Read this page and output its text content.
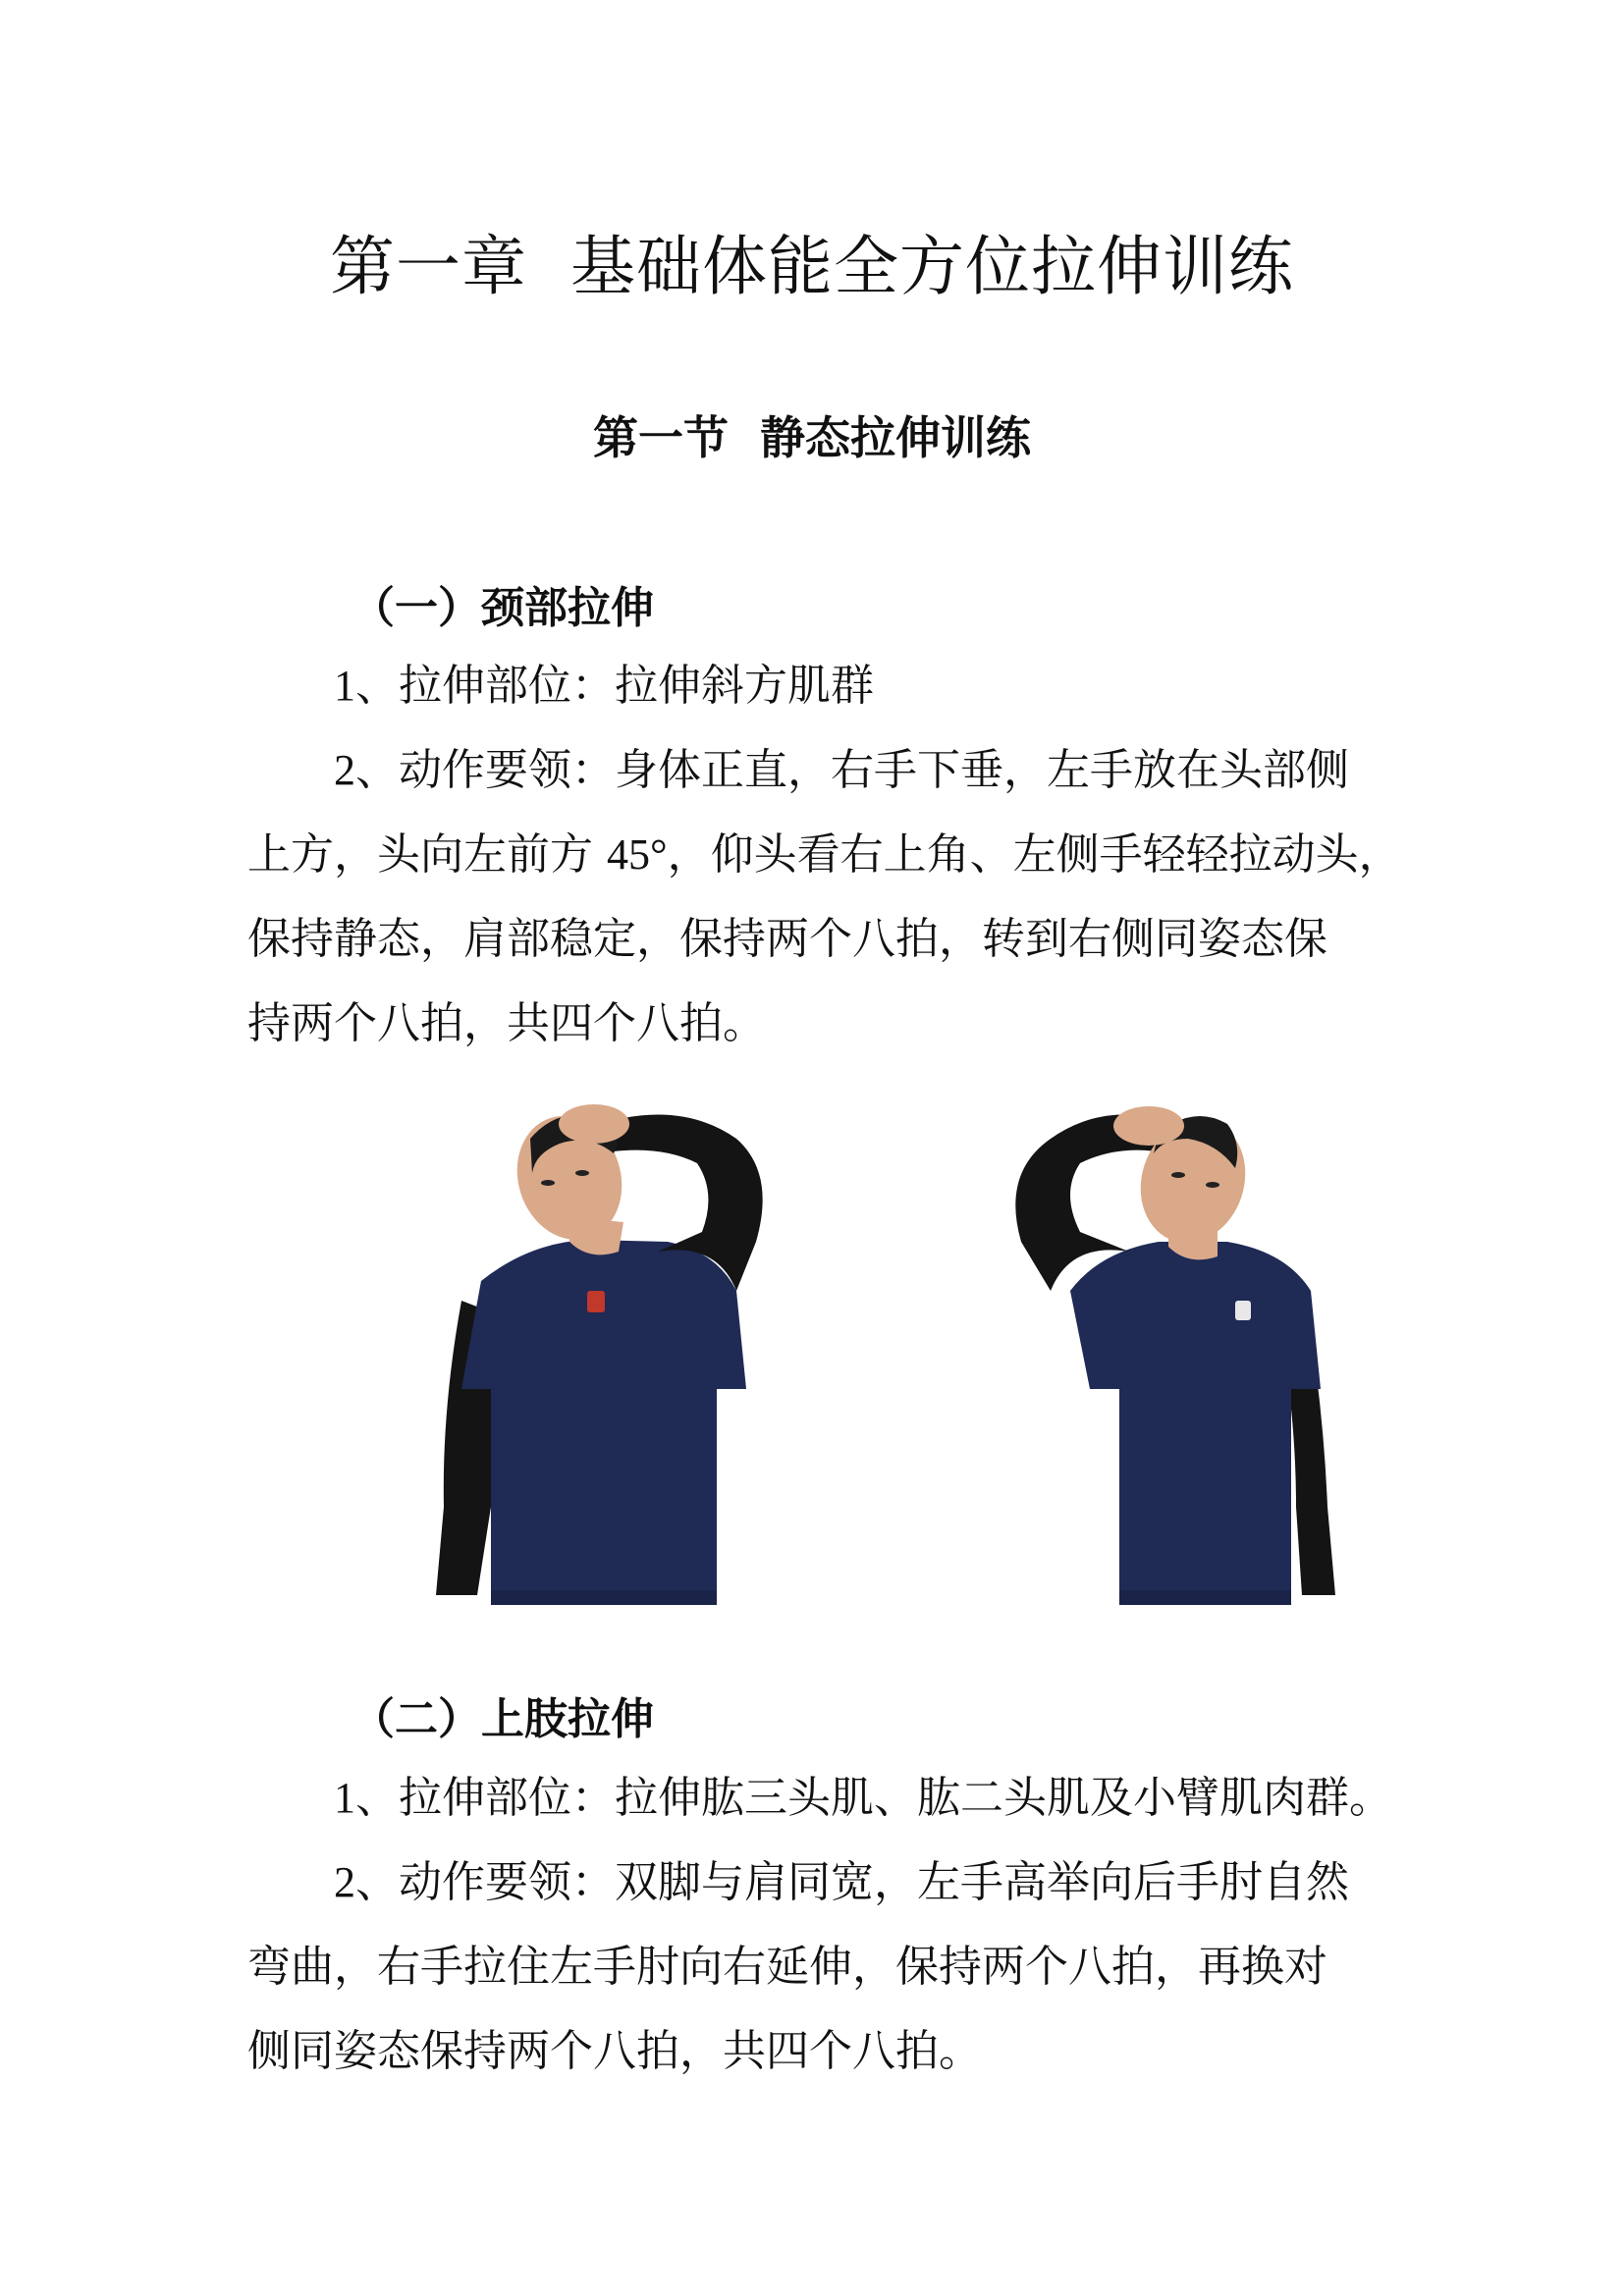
第一章  基础体能全方位拉伸训练
第一节  静态拉伸训练
（一）颈部拉伸

1、拉伸部位：拉伸斜方肌群

2、动作要领：身体正直，右手下垂，左手放在头部侧
上方，头向左前方 45°，仰头看右上角、左侧手轻轻拉动头，
保持静态，肩部稳定，保持两个八拍，转到右侧同姿态保
持两个八拍，共四个八拍。
（二）上肢拉伸

1、拉伸部位：拉伸肱三头肌、肱二头肌及小臂肌肉群。

2、动作要领：双脚与肩同宽，左手高举向后手肘自然
弯曲，右手拉住左手肘向右延伸，保持两个八拍，再换对
侧同姿态保持两个八拍，共四个八拍。
